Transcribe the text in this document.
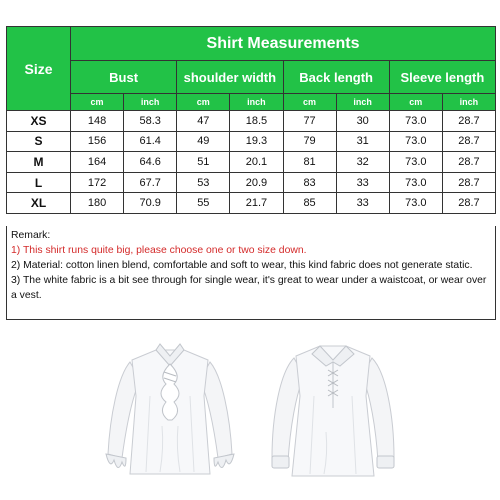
Size	Shirt Measurements							
	Bust		shoulder width		Back length		Sleeve length	
	cm	inch	cm	inch	cm	inch	cm	inch
XS	148	58.3	47	18.5	77	30	73.0	28.7
S	156	61.4	49	19.3	79	31	73.0	28.7
M	164	64.6	51	20.1	81	32	73.0	28.7
L	172	67.7	53	20.9	83	33	73.0	28.7
XL	180	70.9	55	21.7	85	33	73.0	28.7

Remark:

1) This shirt runs quite big, please choose one or two size down.

2) Material: cotton linen blend, comfortable and soft to wear, this kind fabric does not generate static.

3) The white fabric is a bit see through for single wear, it's great to wear under a waistcoat, or wear over a vest.
